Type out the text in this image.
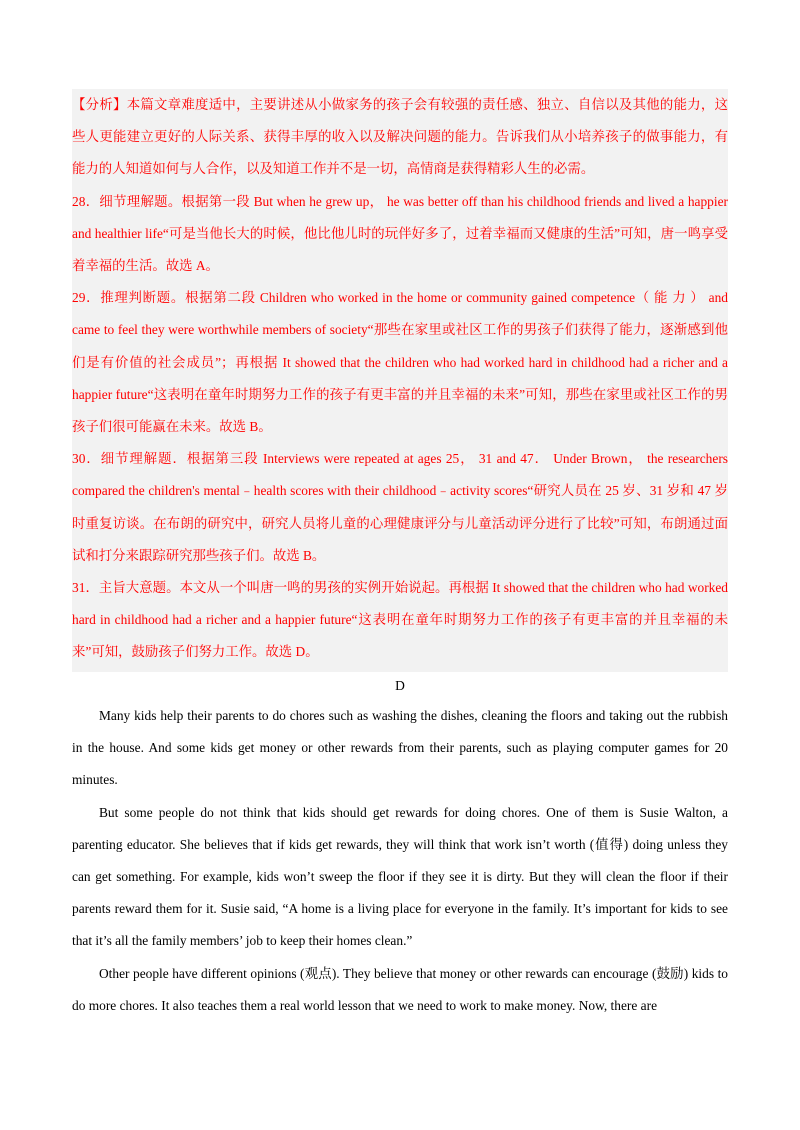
【分析】本篇文章难度适中，主要讲述从小做家务的孩子会有较强的责任感、独立、自信以及其他的能力，这些人更能建立更好的人际关系、获得丰厚的收入以及解决问题的能力。告诉我们从小培养孩子的做事能力，有能力的人知道如何与人合作，以及知道工作并不是一切，高情商是获得精彩人生的必需。

28．细节理解题。根据第一段 But when he grew up， he was better off than his childhood friends and lived a happier and healthier life“可是当他长大的时候，他比他儿时的玩伴好多了，过着幸福而又健康的生活”可知，唐一鸣享受着幸福的生活。故选 A。

29．推理判断题。根据第二段 Children who worked in the home or community gained competence（ 能 力 ） and came to feel they were worthwhile members of society“那些在家里或社区工作的男孩子们获得了能力，逐渐感到他们是有价值的社会成员”；再根据 It showed that the children who had worked hard in childhood had a richer and a happier future“这表明在童年时期努力工作的孩子有更丰富的并且幸福的未来”可知，那些在家里或社区工作的男孩子们很可能赢在未来。故选 B。

30．细节理解题．根据第三段 Interviews were repeated at ages 25， 31 and 47． Under Brown， the researchers compared the children's mental﹣health scores with their childhood﹣activity scores“研究人员在 25 岁、31 岁和 47 岁时重复访谈。在布朗的研究中，研究人员将儿童的心理健康评分与儿童活动评分进行了比较”可知，布朗通过面试和打分来跟踪研究那些孩子们。故选 B。

31．主旨大意题。本文从一个叫唐一鸣的男孩的实例开始说起。再根据 It showed that the children who had worked hard in childhood had a richer and a happier future“这表明在童年时期努力工作的孩子有更丰富的并且幸福的未来”可知，鼓励孩子们努力工作。故选 D。

D

Many kids help their parents to do chores such as washing the dishes, cleaning the floors and taking out the rubbish in the house. And some kids get money or other rewards from their parents, such as playing computer games for 20 minutes.

But some people do not think that kids should get rewards for doing chores. One of them is Susie Walton, a parenting educator. She believes that if kids get rewards, they will think that work isn’t worth (值得) doing unless they can get something. For example, kids won’t sweep the floor if they see it is dirty. But they will clean the floor if their parents reward them for it. Susie said, “A home is a living place for everyone in the family. It’s important for kids to see that it’s all the family members’ job to keep their homes clean.”

Other people have different opinions (观点). They believe that money or other rewards can encourage (鼓励) kids to do more chores. It also teaches them a real world lesson that we need to work to make money. Now, there are
